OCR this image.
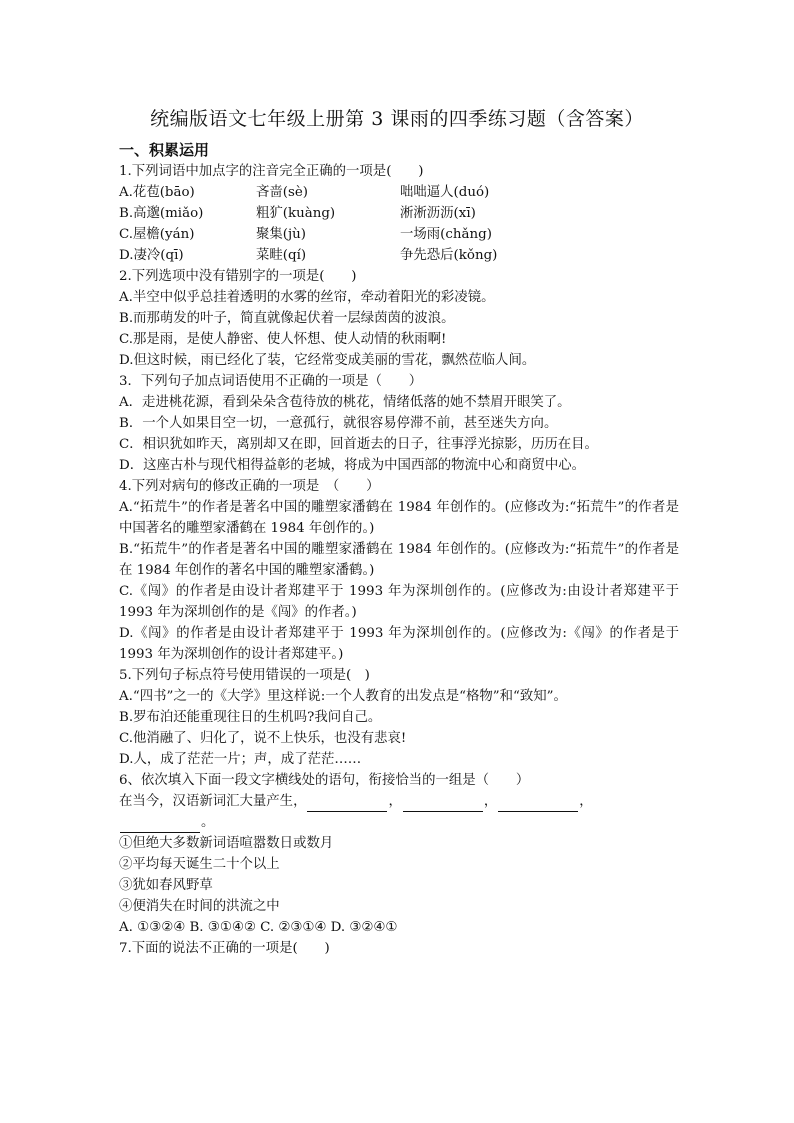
统编版语文七年级上册第 3 课雨的四季练习题（含答案）

一、积累运用

1.下列词语中加点字的注音完全正确的一项是(　　)

A.花苞(bāo)	吝啬(sè)	咄咄逼人(duó)
B.高邈(miǎo)	粗犷(kuàng)	淅淅沥沥(xī)
C.屋檐(yán)	聚集(jù)	一场雨(chǎng)
D.凄冷(qī)	菜畦(qí)	争先恐后(kǒng)

2.下列选项中没有错别字的一项是(　　)

A.半空中似乎总挂着透明的水雾的丝帘，牵动着阳光的彩凌镜。

B.而那萌发的叶子，简直就像起伏着一层绿茵茵的波浪。

C.那是雨，是使人静密、使人怀想、使人动情的秋雨啊!

D.但这时候，雨已经化了装，它经常变成美丽的雪花，飘然莅临人间。

3．下列句子加点词语使用不正确的一项是（　　）

A．走进桃花源，看到朵朵含苞待放的桃花，情绪低落的她不禁眉开眼笑了。

B．一个人如果目空一切，一意孤行，就很容易停滞不前，甚至迷失方向。

C．相识犹如昨天，离别却又在即，回首逝去的日子，往事浮光掠影，历历在目。

D．这座古朴与现代相得益彰的老城，将成为中国西部的物流中心和商贸中心。

4.下列对病句的修改正确的一项是　（　　）

A.“拓荒牛”的作者是著名中国的雕塑家潘鹤在 1984 年创作的。(应修改为:“拓荒牛”的作者是中国著名的雕塑家潘鹤在 1984 年创作的。)

B.“拓荒牛”的作者是著名中国的雕塑家潘鹤在 1984 年创作的。(应修改为:“拓荒牛”的作者是在 1984 年创作的著名中国的雕塑家潘鹤。)

C.《闯》的作者是由设计者郑建平于 1993 年为深圳创作的。(应修改为:由设计者郑建平于 1993 年为深圳创作的是《闯》的作者。)

D.《闯》的作者是由设计者郑建平于 1993 年为深圳创作的。(应修改为:《闯》的作者是于 1993 年为深圳创作的设计者郑建平。)

5.下列句子标点符号使用错误的一项是(　)

A.“四书”之一的《大学》里这样说:一个人教育的出发点是“格物”和“致知”。

B.罗布泊还能重现往日的生机吗?我问自己。

C.他消融了、归化了，说不上快乐，也没有悲哀!

D.人，成了茫茫一片；声，成了茫茫……

6、依次填入下面一段文字横线处的语句，衔接恰当的一组是（　　）

在当今，汉语新词汇大量产生，	，	，	，

。

①但绝大多数新词语喧嚣数日或数月

②平均每天诞生二十个以上

③犹如春风野草

④便消失在时间的洪流之中

A. ①③②④ B. ③①④② C. ②③①④ D. ③②④①

7.下面的说法不正确的一项是(　　)
